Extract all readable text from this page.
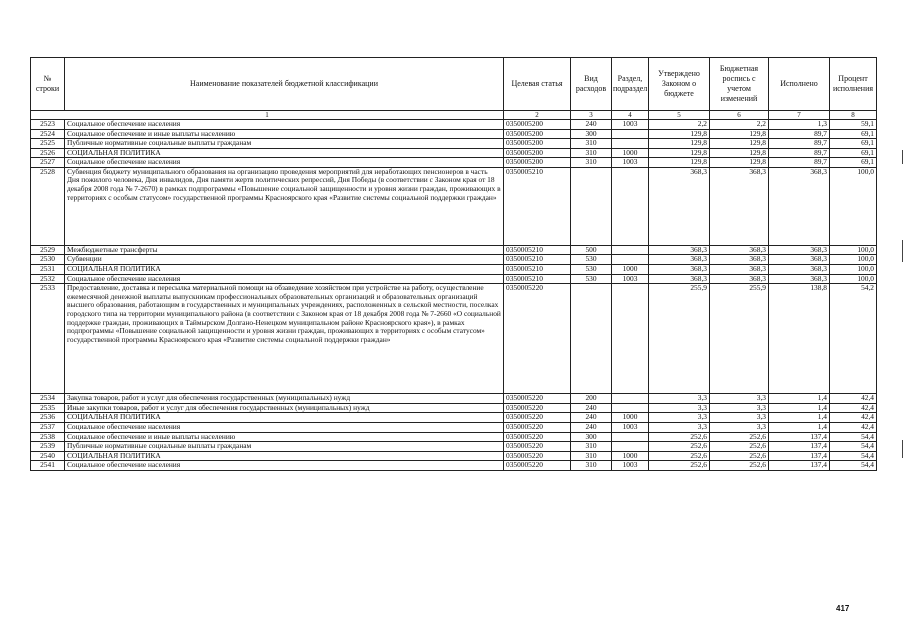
№ строки	Наименование показателей бюджетной классификации	Целевая статья	Вид расходов	Раздел, подраздел	Утверждено Законом о бюджете	Бюджетная роспись с учетом изменений	Исполнено	Процент исполнения
1		2	3	4	5	6	7	8
2523	Социальное обеспечение населения	0350005200	240	1003	2,2	2,2	1,3	59,1
2524	Социальное обеспечение и иные выплаты населению	0350005200	300		129,8	129,8	89,7	69,1
2525	Публичные нормативные социальные выплаты гражданам	0350005200	310		129,8	129,8	89,7	69,1
2526	СОЦИАЛЬНАЯ ПОЛИТИКА	0350005200	310	1000	129,8	129,8	89,7	69,1
2527	Социальное обеспечение населения	0350005200	310	1003	129,8	129,8	89,7	69,1
2528	Субвенция бюджету муниципального образования на организацию проведения мероприятий для неработающих пенсионеров в часть Дня пожилого человека, Дня инвалидов, Дня памяти жертв политических репрессий, Дня Победы (в соответствии с Законом края от 18 декабря 2008 года № 7-2670) в рамках подпрограммы «Повышение социальной защищенности и уровня жизни граждан, проживающих в территориях с особым статусом» государственной программы Красноярского края «Развитие системы социальной поддержки граждан»	0350005210			368,3	368,3	368,3	100,0
2529	Межбюджетные трансферты	0350005210	500		368,3	368,3	368,3	100,0
2530	Субвенции	0350005210	530		368,3	368,3	368,3	100,0
2531	СОЦИАЛЬНАЯ ПОЛИТИКА	0350005210	530	1000	368,3	368,3	368,3	100,0
2532	Социальное обеспечение населения	0350005210	530	1003	368,3	368,3	368,3	100,0
2533	Предоставление, доставка и пересылка материальной помощи на обзаведение хозяйством при устройстве на работу, осуществление ежемесячной денежной выплаты выпускникам профессиональных образовательных организаций и образовательных организаций высшего образования, работающим в государственных и муниципальных учреждениях, расположенных в сельской местности, поселках городского типа на территории муниципального района (в соответствии с Законом края от 18 декабря 2008 года № 7-2660 «О социальной поддержке граждан, проживающих в Таймырском Долгано-Ненецком муниципальном районе Красноярского края»), в рамках подпрограммы «Повышение социальной защищенности и уровня жизни граждан, проживающих в территориях с особым статусом» государственной программы Красноярского края «Развитие системы социальной поддержки граждан»	0350005220			255,9	255,9	138,8	54,2
2534	Закупка товаров, работ и услуг для обеспечения государственных (муниципальных) нужд	0350005220	200		3,3	3,3	1,4	42,4
2535	Иные закупки товаров, работ и услуг для обеспечения государственных (муниципальных) нужд	0350005220	240		3,3	3,3	1,4	42,4
2536	СОЦИАЛЬНАЯ ПОЛИТИКА	0350005220	240	1000	3,3	3,3	1,4	42,4
2537	Социальное обеспечение населения	0350005220	240	1003	3,3	3,3	1,4	42,4
2538	Социальное обеспечение и иные выплаты населению	0350005220	300		252,6	252,6	137,4	54,4
2539	Публичные нормативные социальные выплаты гражданам	0350005220	310		252,6	252,6	137,4	54,4
2540	СОЦИАЛЬНАЯ ПОЛИТИКА	0350005220	310	1000	252,6	252,6	137,4	54,4
2541	Социальное обеспечение населения	0350005220	310	1003	252,6	252,6	137,4	54,4
417
